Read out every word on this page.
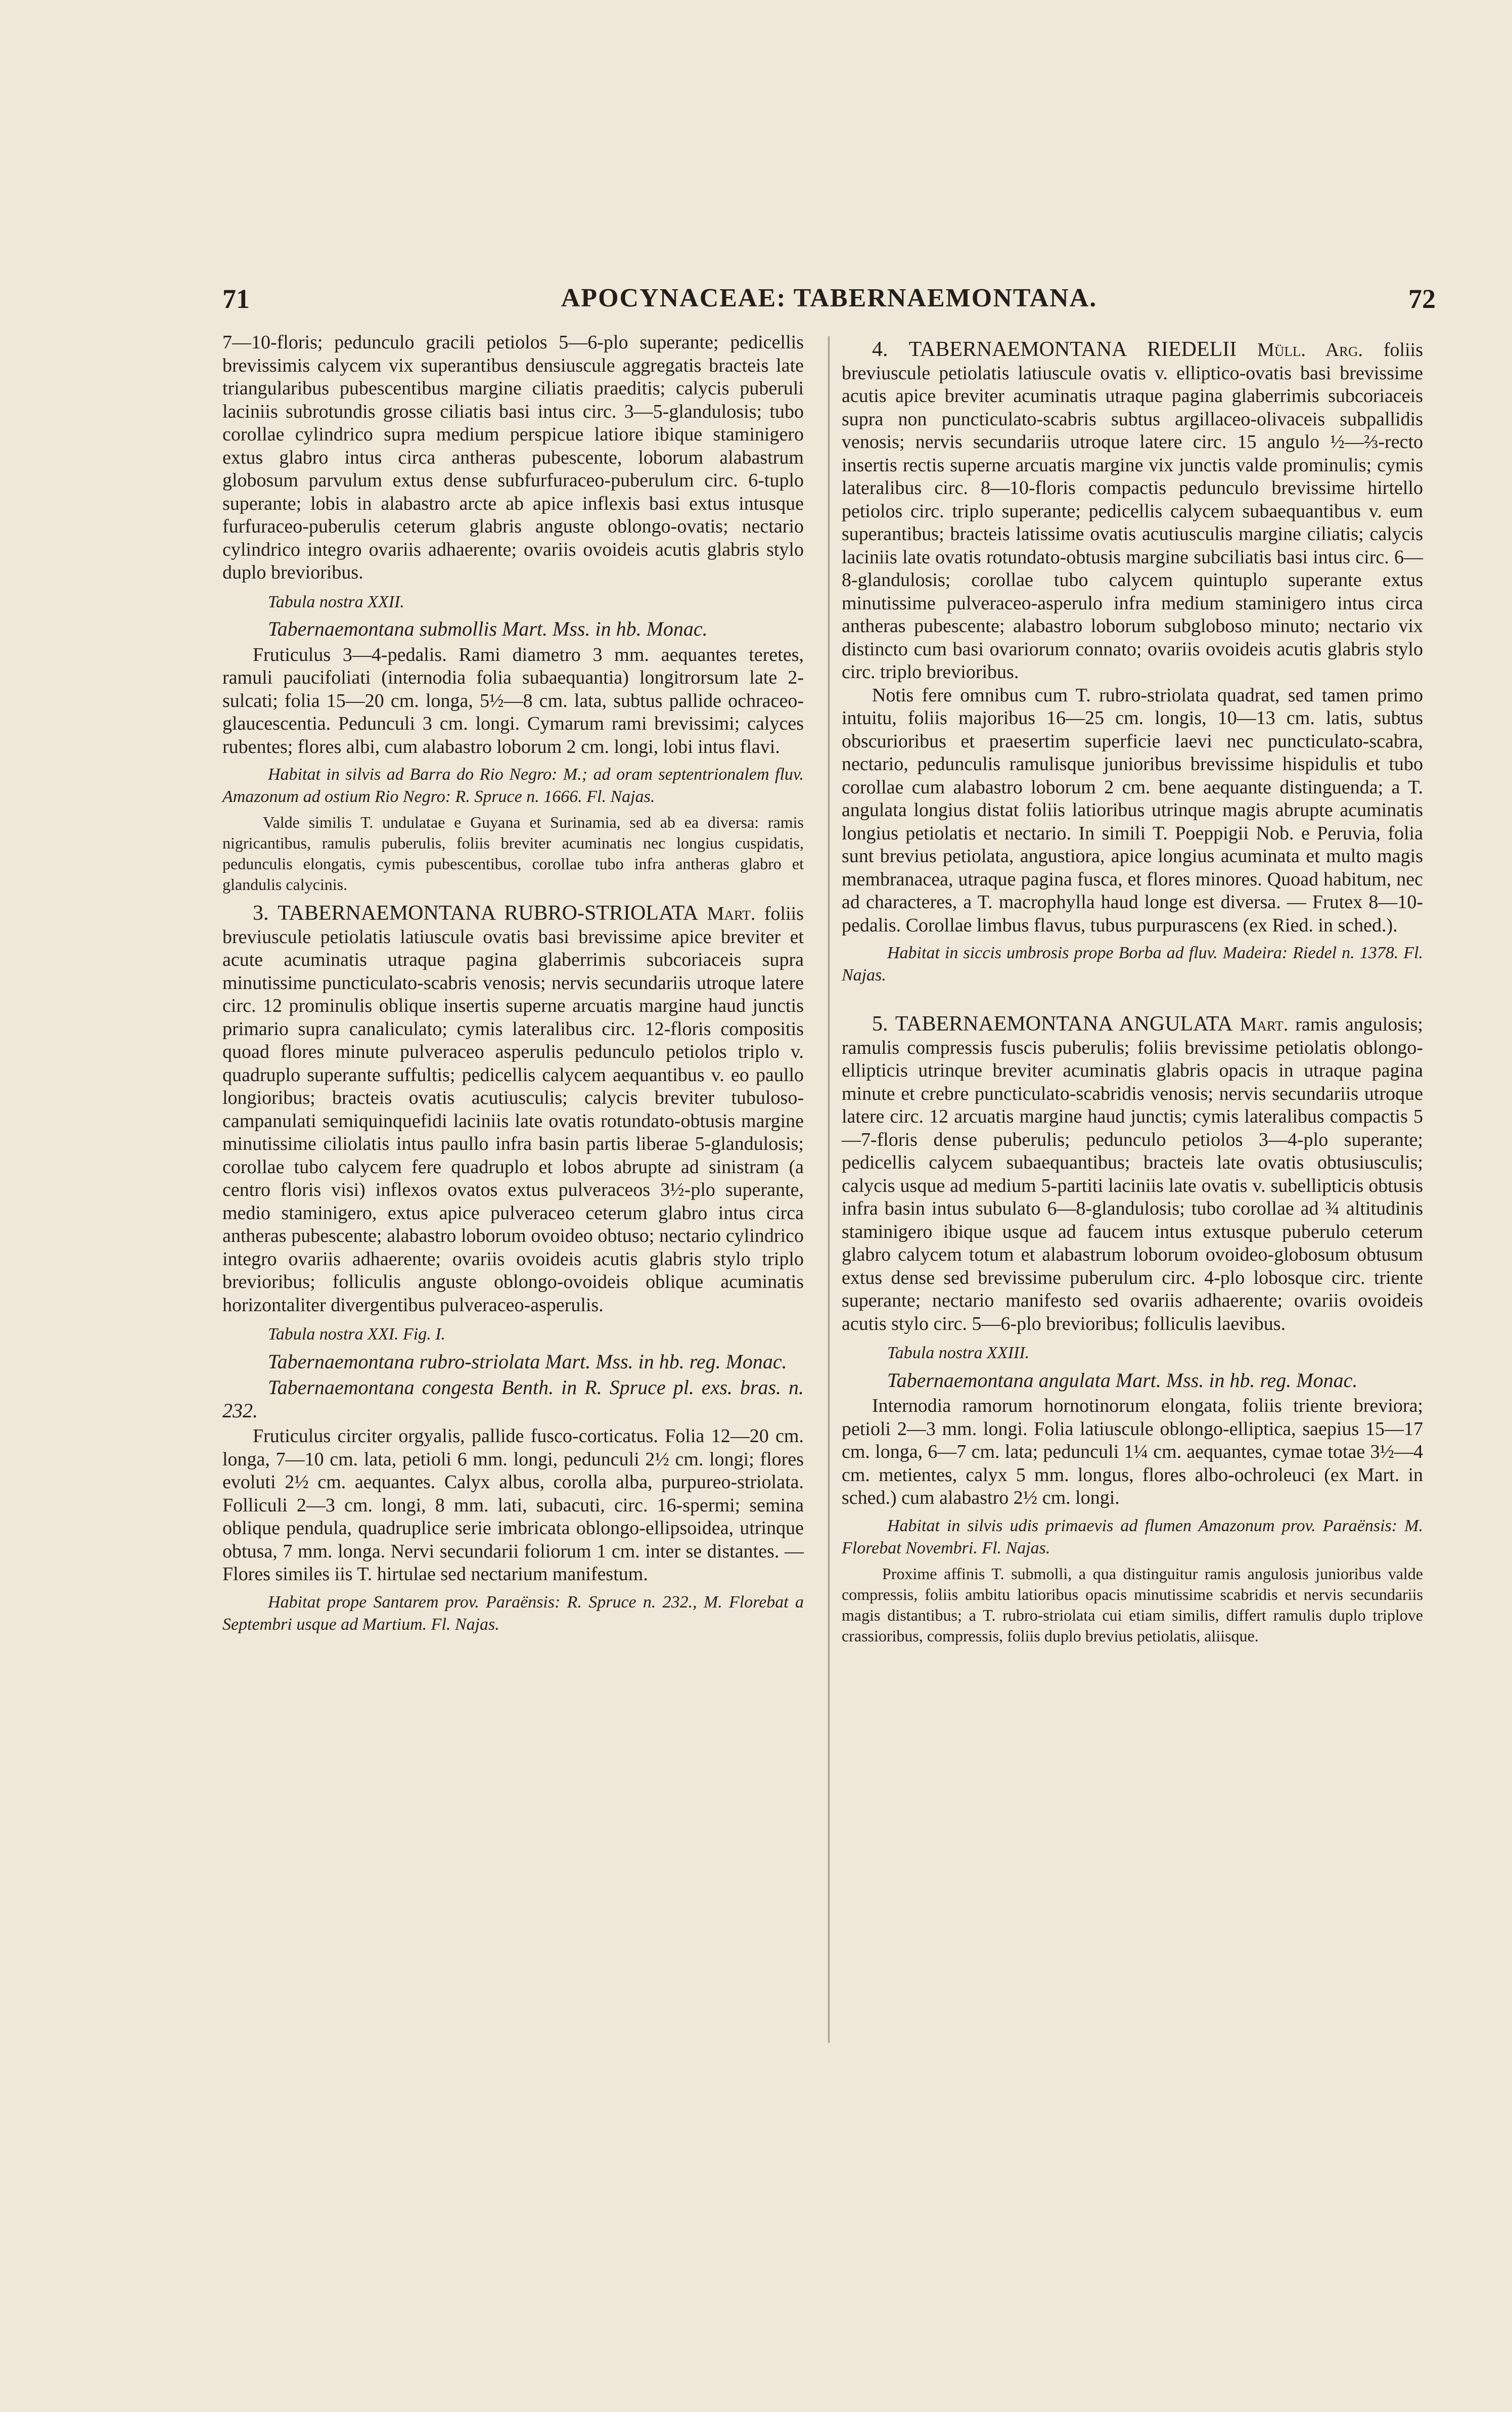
71	APOCYNACEAE: TABERNAEMONTANA.	72

7—10-floris; pedunculo gracili petiolos 5—6-plo superante; pedicellis brevissimis calycem vix superantibus densiuscule aggregatis bracteis late triangularibus pubescentibus margine ciliatis praeditis; calycis puberuli laciniis subrotundis grosse ciliatis basi intus circ. 3—5-glandulosis; tubo corollae cylindrico supra medium perspicue latiore ibique staminigero extus glabro intus circa antheras pubescente, loborum alabastrum globosum parvulum extus dense subfurfuraceo-puberulum circ. 6-tuplo superante; lobis in alabastro arcte ab apice inflexis basi extus intusque furfuraceo-puberulis ceterum glabris anguste oblongo-ovatis; nectario cylindrico integro ovariis adhaerente; ovariis ovoideis acutis glabris stylo duplo brevioribus.

Tabula nostra XXII.

Tabernaemontana submollis Mart. Mss. in hb. Monac.

Fruticulus 3—4-pedalis. Rami diametro 3 mm. aequantes teretes, ramuli paucifoliati (internodia folia subaequantia) longitrorsum late 2-sulcati; folia 15—20 cm. longa, 5½—8 cm. lata, subtus pallide ochraceo-glaucescentia. Pedunculi 3 cm. longi. Cymarum rami brevissimi; calyces rubentes; flores albi, cum alabastro loborum 2 cm. longi, lobi intus flavi.

Habitat in silvis ad Barra do Rio Negro: M.; ad oram septentrionalem fluv. Amazonum ad ostium Rio Negro: R. Spruce n. 1666. Fl. Najas.

Valde similis T. undulatae e Guyana et Surinamia, sed ab ea diversa: ramis nigricantibus, ramulis puberulis, foliis breviter acuminatis nec longius cuspidatis, pedunculis elongatis, cymis pubescentibus, corollae tubo infra antheras glabro et glandulis calycinis.

3. TABERNAEMONTANA RUBRO-STRIOLATA Mart. foliis breviuscule petiolatis latiuscule ovatis basi brevissime apice breviter et acute acuminatis utraque pagina glaberrimis subcoriaceis supra minutissime puncticulato-scabris venosis; nervis secundariis utroque latere circ. 12 prominulis oblique insertis superne arcuatis margine haud junctis primario supra canaliculato; cymis lateralibus circ. 12-floris compositis quoad flores minute pulveraceo asperulis pedunculo petiolos triplo v. quadruplo superante suffultis; pedicellis calycem aequantibus v. eo paullo longioribus; bracteis ovatis acutiusculis; calycis breviter tubuloso-campanulati semiquinquefidi laciniis late ovatis rotundato-obtusis margine minutissime ciliolatis intus paullo infra basin partis liberae 5-glandulosis; corollae tubo calycem fere quadruplo et lobos abrupte ad sinistram (a centro floris visi) inflexos ovatos extus pulveraceos 3½-plo superante, medio staminigero, extus apice pulveraceo ceterum glabro intus circa antheras pubescente; alabastro loborum ovoideo obtuso; nectario cylindrico integro ovariis adhaerente; ovariis ovoideis acutis glabris stylo triplo brevioribus; folliculis anguste oblongo-ovoideis oblique acuminatis horizontaliter divergentibus pulveraceo-asperulis.

Tabula nostra XXI. Fig. I.

Tabernaemontana rubro-striolata Mart. Mss. in hb. reg. Monac.

Tabernaemontana congesta Benth. in R. Spruce pl. exs. bras. n. 232.

Fruticulus circiter orgyalis, pallide fusco-corticatus. Folia 12—20 cm. longa, 7—10 cm. lata, petioli 6 mm. longi, pedunculi 2½ cm. longi; flores evoluti 2½ cm. aequantes. Calyx albus, corolla alba, purpureo-striolata. Folliculi 2—3 cm. longi, 8 mm. lati, subacuti, circ. 16-spermi; semina oblique pendula, quadruplice serie imbricata oblongo-ellipsoidea, utrinque obtusa, 7 mm. longa. Nervi secundarii foliorum 1 cm. inter se distantes. — Flores similes iis T. hirtulae sed nectarium manifestum.

Habitat prope Santarem prov. Paraënsis: R. Spruce n. 232., M. Florebat a Septembri usque ad Martium. Fl. Najas.

4. TABERNAEMONTANA RIEDELII Müll. Arg. foliis breviuscule petiolatis latiuscule ovatis v. elliptico-ovatis basi brevissime acutis apice breviter acuminatis utraque pagina glaberrimis subcoriaceis supra non puncticulato-scabris subtus argillaceo-olivaceis subpallidis venosis; nervis secundariis utroque latere circ. 15 angulo ½—⅔-recto insertis rectis superne arcuatis margine vix junctis valde prominulis; cymis lateralibus circ. 8—10-floris compactis pedunculo brevissime hirtello petiolos circ. triplo superante; pedicellis calycem subaequantibus v. eum superantibus; bracteis latissime ovatis acutiusculis margine ciliatis; calycis laciniis late ovatis rotundato-obtusis margine subciliatis basi intus circ. 6—8-glandulosis; corollae tubo calycem quintuplo superante extus minutissime pulveraceo-asperulo infra medium staminigero intus circa antheras pubescente; alabastro loborum subgloboso minuto; nectario vix distincto cum basi ovariorum connato; ovariis ovoideis acutis glabris stylo circ. triplo brevioribus.

Notis fere omnibus cum T. rubro-striolata quadrat, sed tamen primo intuitu, foliis majoribus 16—25 cm. longis, 10—13 cm. latis, subtus obscurioribus et praesertim superficie laevi nec puncticulato-scabra, nectario, pedunculis ramulisque junioribus brevissime hispidulis et tubo corollae cum alabastro loborum 2 cm. bene aequante distinguenda; a T. angulata longius distat foliis latioribus utrinque magis abrupte acuminatis longius petiolatis et nectario. In simili T. Poeppigii Nob. e Peruvia, folia sunt brevius petiolata, angustiora, apice longius acuminata et multo magis membranacea, utraque pagina fusca, et flores minores. Quoad habitum, nec ad characteres, a T. macrophylla haud longe est diversa. — Frutex 8—10-pedalis. Corollae limbus flavus, tubus purpurascens (ex Ried. in sched.).

Habitat in siccis umbrosis prope Borba ad fluv. Madeira: Riedel n. 1378. Fl. Najas.

5. TABERNAEMONTANA ANGULATA Mart. ramis angulosis; ramulis compressis fuscis puberulis; foliis brevissime petiolatis oblongo-ellipticis utrinque breviter acuminatis glabris opacis in utraque pagina minute et crebre puncticulato-scabridis venosis; nervis secundariis utroque latere circ. 12 arcuatis margine haud junctis; cymis lateralibus compactis 5—7-floris dense puberulis; pedunculo petiolos 3—4-plo superante; pedicellis calycem subaequantibus; bracteis late ovatis obtusiusculis; calycis usque ad medium 5-partiti laciniis late ovatis v. subellipticis obtusis infra basin intus subulato 6—8-glandulosis; tubo corollae ad ¾ altitudinis staminigero ibique usque ad faucem intus extusque puberulo ceterum glabro calycem totum et alabastrum loborum ovoideo-globosum obtusum extus dense sed brevissime puberulum circ. 4-plo lobosque circ. triente superante; nectario manifesto sed ovariis adhaerente; ovariis ovoideis acutis stylo circ. 5—6-plo brevioribus; folliculis laevibus.

Tabula nostra XXIII.

Tabernaemontana angulata Mart. Mss. in hb. reg. Monac.

Internodia ramorum hornotinorum elongata, foliis triente breviora; petioli 2—3 mm. longi. Folia latiuscule oblongo-elliptica, saepius 15—17 cm. longa, 6—7 cm. lata; pedunculi 1¼ cm. aequantes, cymae totae 3½—4 cm. metientes, calyx 5 mm. longus, flores albo-ochroleuci (ex Mart. in sched.) cum alabastro 2½ cm. longi.

Habitat in silvis udis primaevis ad flumen Amazonum prov. Paraënsis: M. Florebat Novembri. Fl. Najas.

Proxime affinis T. submolli, a qua distinguitur ramis angulosis junioribus valde compressis, foliis ambitu latioribus opacis minutissime scabridis et nervis secundariis magis distantibus; a T. rubro-striolata cui etiam similis, differt ramulis duplo triplove crassioribus, compressis, foliis duplo brevius petiolatis, aliisque.
